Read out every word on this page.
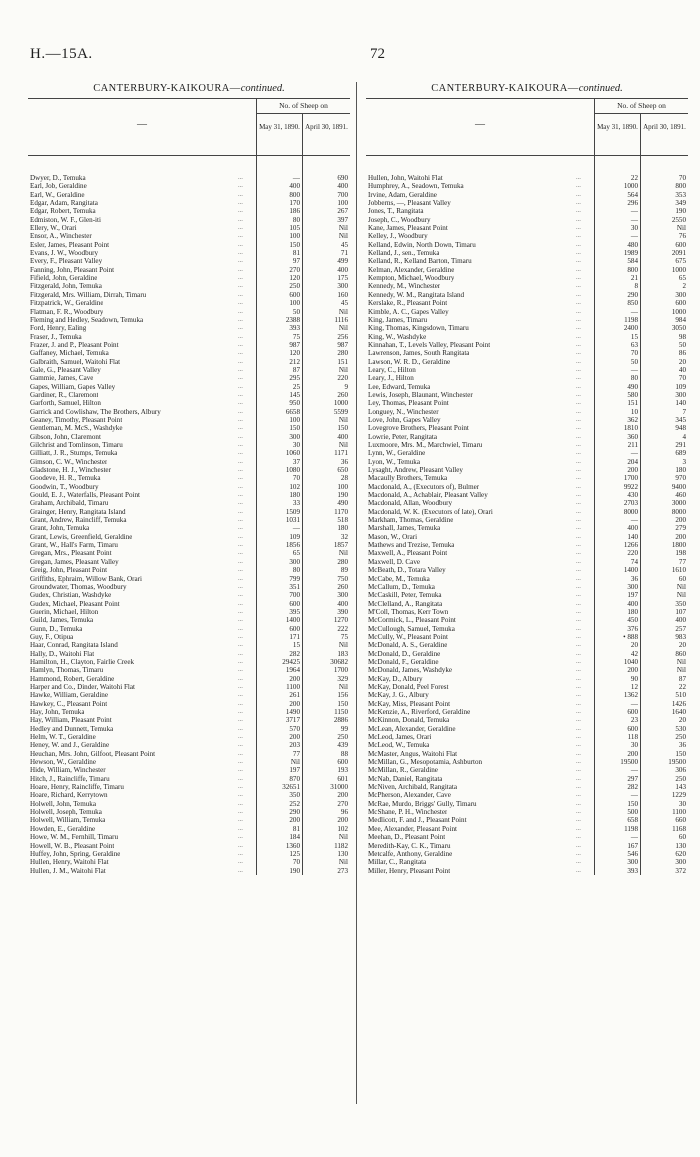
H.—15A.	72
CANTERBURY-KAIKOURA—continued.
—
No. of Sheep on
May 31, 1890. April 30, 1891.
Dwyer, D., Temuka	...	—	690
Earl, Job, Geraldine	...	400	400
Earl, W., Geraldine	...	800	700
Edgar, Adam, Rangitata	...	170	100
Edgar, Robert, Temuka	...	186	267
Edmiston, W. F., Glen-iti	...	80	397
Ellery, W., Orari	...	105	Nil
Ensor, A., Winchester	...	100	Nil
Esler, James, Pleasant Point	...	150	45
Evans, J. W., Woodbury	...	81	71
Every, F., Pleasant Valley	...	97	499
Fanning, John, Pleasant Point	...	270	400
Fifield, John, Geraldine	...	120	175
Fitzgerald, John, Temuka	...	250	300
Fitzgerald, Mrs. William, Dirrah, Timaru	...	600	160
Fitzpatrick, W., Geraldine	...	100	45
Flatman, F. R., Woodbury	...	50	Nil
Fleming and Hedley, Seadown, Temuka	...	2388	1116
Ford, Henry, Ealing	...	393	Nil
Fraser, J., Temuka	...	75	256
Frazer, J. and P., Pleasant Point	...	987	987
Gaffaney, Michael, Temuka	...	120	280
Galbraith, Samuel, Waitohi Flat	...	212	151
Gale, G., Pleasant Valley	...	87	Nil
Gammie, James, Cave	...	295	220
Gapes, William, Gapes Valley	...	25	9
Gardiner, R., Claremont	...	145	260
Garforth, Samuel, Hilton	...	950	1000
Garrick and Cowlishaw, The Brothers, Albury	...	6658	5599
Geaney, Timothy, Pleasant Point	...	100	Nil
Gentleman, M. McS., Washdyke	...	150	150
Gibson, John, Claremont	...	300	400
Gilchrist and Tomlinson, Timaru	...	30	Nil
Gilliatt, J. R., Stumps, Temuka	...	1060	1171
Gimson, C. W., Winchester	...	37	36
Gladstone, H. J., Winchester	...	1080	650
Goodeve, H. R., Temuka	...	70	28
Goodwin, T., Woodbury	...	102	100
Gould, E. J., Waterfalls, Pleasant Point	...	180	190
Graham, Archibald, Timaru	...	33	490
Grainger, Henry, Rangitata Island	...	1509	1170
Grant, Andrew, Raincliff, Temuka	...	1031	518
Grant, John, Temuka	...	—	180
Grant, Lewis, Greenfield, Geraldine	...	109	32
Grant, W., Hall's Farm, Timaru	...	1856	1857
Gregan, Mrs., Pleasant Point	...	65	Nil
Gregan, James, Pleasant Valley	...	300	280
Greig, John, Pleasant Point	...	80	89
Griffiths, Ephraim, Willow Bank, Orari	...	799	750
Groundwater, Thomas, Woodbury	...	351	260
Gudex, Christian, Washdyke	...	700	300
Gudex, Michael, Pleasant Point	...	600	400
Guerin, Michael, Hilton	...	395	390
Guild, James, Temuka	...	1400	1270
Gunn, D., Temuka	...	600	222
Guy, F., Otipua	...	171	75
Haar, Conrad, Rangitata Island	...	15	Nil
Hally, D., Waitohi Flat	...	282	183
Hamilton, H., Clayton, Fairlie Creek	...	29425	30682
Hamlyn, Thomas, Timaru	...	1964	1700
Hammond, Robert, Geraldine	...	200	329
Harper and Co., Dinder, Waitohi Flat	...	1100	Nil
Hawke, William, Geraldine	...	261	156
Hawkey, C., Pleasant Point	...	200	150
Hay, John, Temuka	...	1490	1150
Hay, William, Pleasant Point	...	3717	2886
Hedley and Dunnett, Temuka	...	570	99
Helm, W. T., Geraldine	...	200	250
Heney, W. and J., Geraldine	...	203	439
Heuchan, Mrs. John, Gilfoot, Pleasant Point	...	77	88
Hewson, W., Geraldine	...	Nil	600
Hide, William, Winchester	...	197	193
Hitch, J., Raincliffe, Timaru	...	870	601
Hoare, Henry, Raincliffe, Timaru	...	32651	31000
Hoare, Richard, Kerrytown	...	350	200
Holwell, John, Temuka	...	252	270
Holwell, Joseph, Temuka	...	290	96
Holwell, William, Temuka	...	200	200
Howden, E., Geraldine	...	81	102
Howe, W. M., Fernhill, Timaru	...	184	Nil
Howell, W. B., Pleasant Point	...	1360	1182
Huffey, John, Spring, Geraldine	...	125	130
Hullen, Henry, Waitohi Flat	...	70	Nil
Hullen, J. M., Waitohi Flat	...	190	273
CANTERBURY-KAIKOURA—continued.
—
No. of Sheep on
May 31, 1890. April 30, 1891.
Hullen, John, Waitohi Flat	...	22	70
Humphrey, A., Seadown, Temuka	...	1000	800
Irvine, Adam, Geraldine	...	564	353
Jobberns, —, Pleasant Valley	...	296	349
Jones, T., Rangitata	...	—	190
Joseph, C., Woodbury	...	—	2550
Kane, James, Pleasant Point	...	30	Nil
Kelley, J., Woodbury	...	—	76
Kelland, Edwin, North Down, Timaru	...	480	600
Kelland, J., sen., Temuka	...	1989	2091
Kelland, R., Kelland Barton, Timaru	...	584	675
Kelman, Alexander, Geraldine	...	800	1000
Kempton, Michael, Woodbury	...	21	65
Kennedy, M., Winchester	...	8	2
Kennedy, W. M., Rangitata Island	...	290	300
Kerslake, R., Pleasant Point	...	850	600
Kimble, A. C., Gapes Valley	...	—	1000
King, James, Timaru	...	1198	984
King, Thomas, Kingsdown, Timaru	...	2400	3050
King, W., Washdyke	...	15	98
Kinnahan, T., Levels Valley, Pleasant Point	...	63	50
Lawrenson, James, South Rangitata	...	70	86
Lawson, W. R. D., Geraldine	...	50	20
Leary, C., Hilton	...	—	40
Leary, J., Hilton	...	80	70
Lee, Edward, Temuka	...	490	109
Lewis, Joseph, Blaunant, Winchester	...	580	300
Ley, Thomas, Pleasant Point	...	151	140
Longuey, N., Winchester	...	10	7
Love, John, Gapes Valley	...	362	345
Lovegrove Brothers, Pleasant Point	...	1810	948
Lowrie, Peter, Rangitata	...	360	4
Luxmoore, Mrs. M., Marchwiel, Timaru	...	211	291
Lynn, W., Geraldine	...	—	689
Lyon, W., Temuka	...	204	3
Lysaght, Andrew, Pleasant Valley	...	200	180
Macaully Brothers, Temuka	...	1700	970
Macdonald, A., (Executors of), Bulmer	...	9922	9400
Macdonald, A., Achablair, Pleasant Valley	...	430	460
Macdonald, Allan, Woodbury	...	2703	3000
Macdonald, W. K. (Executors of late), Orari	...	8000	8000
Markham, Thomas, Geraldine	...	—	200
Marshall, James, Temuka	...	400	279
Mason, W., Orari	...	140	200
Mathews and Trezise, Temuka	...	1266	1800
Maxwell, A., Pleasant Point	...	220	198
Maxwell, D. Cave	...	74	77
McBeath, D., Totara Valley	...	1400	1610
McCabe, M., Temuka	...	36	60
McCallum, D., Temuka	...	300	Nil
McCaskill, Peter, Temuka	...	197	Nil
McClelland, A., Rangitata	...	400	350
M'Coll, Thomas, Kerr Town	...	180	107
McCormick, L., Pleasant Point	...	450	400
McCullough, Samuel, Temuka	...	376	257
McCully, W., Pleasant Point	...	• 888	983
McDonald, A. S., Geraldine	...	20	20
McDonald, D., Geraldine	...	42	860
McDonald, F., Geraldine	...	1040	Nil
McDonald, James, Washdyke	...	200	Nil
McKay, D., Albury	...	90	87
McKay, Donald, Peel Forest	...	12	22
McKay, J. G., Albury	...	1362	510
McKay, Miss, Pleasant Point	...	—	1426
McKenzie, A., Riverford, Geraldine	...	600	1640
McKinnon, Donald, Temuka	...	23	20
McLean, Alexander, Geraldine	...	600	530
McLeod, James, Orari	...	118	250
McLeod, W., Temuka	...	30	36
McMaster, Angus, Waitohi Flat	...	200	150
McMillan, G., Mesopotamia, Ashburton	...	19500	19500
McMillan, R., Geraldine	...	—	306
McNab, Daniel, Rangitata	...	297	250
McNiven, Archibald, Rangitata	...	282	143
McPherson, Alexander, Cave	...	—	1229
McRae, Murdo, Briggs' Gully, Timaru	...	150	30
McShane, P. H., Winchester	...	500	1100
Medlicott, F. and J., Pleasant Point	...	658	660
Mee, Alexander, Pleasant Point	...	1198	1168
Meehan, D., Pleasant Point	...	—	60
Meredith-Kay, C. K., Timaru	...	167	130
Metcalfe, Anthony, Geraldine	...	546	620
Millar, C., Rangitata	...	300	300
Miller, Henry, Pleasant Point	...	393	372
